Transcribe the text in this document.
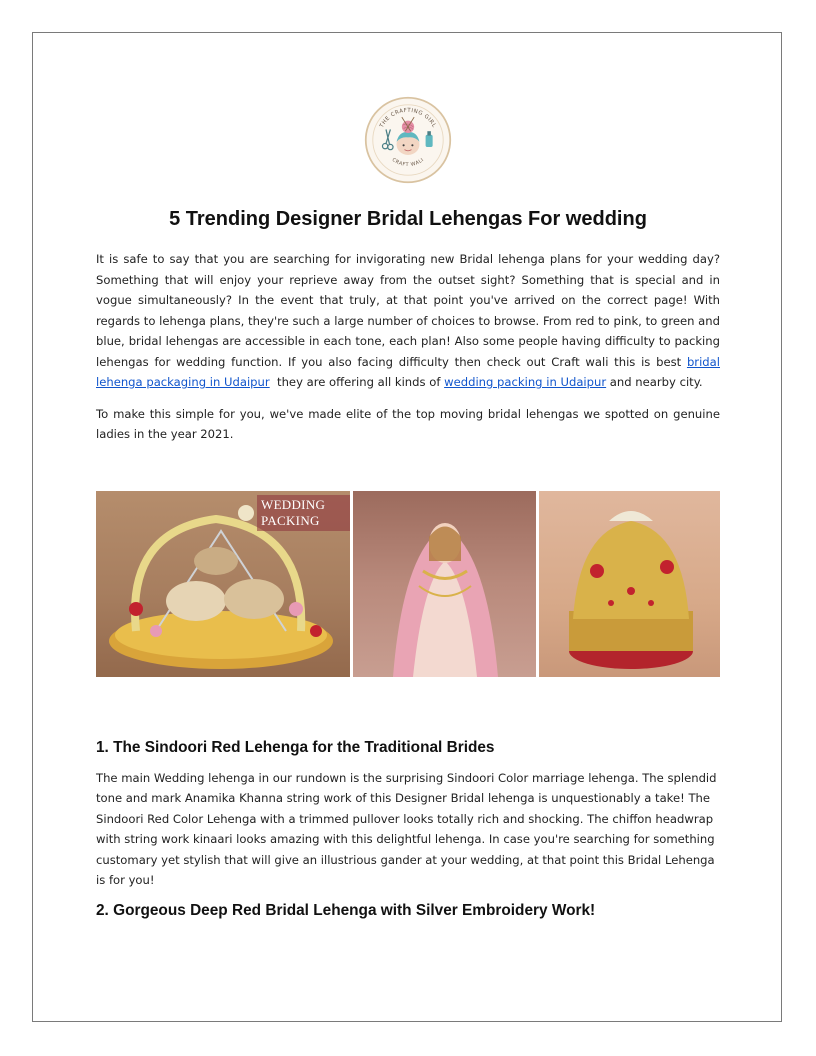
THE CRAFTING GIRL
CRAFT WALI
5 Trending Designer Bridal Lehengas For wedding

It is safe to say that you are searching for invigorating new Bridal lehenga plans for your wedding day? Something that will enjoy your reprieve away from the outset sight? Something that is special and in vogue simultaneously? In the event that truly, at that point you've arrived on the correct page! With regards to lehenga plans, they're such a large number of choices to browse. From red to pink, to green and blue, bridal lehengas are accessible in each tone, each plan! Also some people having difficulty to packing lehengas for wedding function. If you also facing difficulty then check out Craft wali this is best bridal lehenga packaging in Udaipur  they are offering all kinds of wedding packing in Udaipur and nearby city.

To make this simple for you, we've made elite of the top moving bridal lehengas we spotted on genuine ladies in the year 2021.

WEDDING PACKING
1. The Sindoori Red Lehenga for the Traditional Brides

The main Wedding lehenga in our rundown is the surprising Sindoori Color marriage lehenga. The splendid tone and mark Anamika Khanna string work of this Designer Bridal lehenga is unquestionably a take! The Sindoori Red Color Lehenga with a trimmed pullover looks totally rich and shocking. The chiffon headwrap with string work kinaari looks amazing with this delightful lehenga. In case you're searching for something customary yet stylish that will give an illustrious gander at your wedding, at that point this Bridal Lehenga is for you!

2. Gorgeous Deep Red Bridal Lehenga with Silver Embroidery Work!
